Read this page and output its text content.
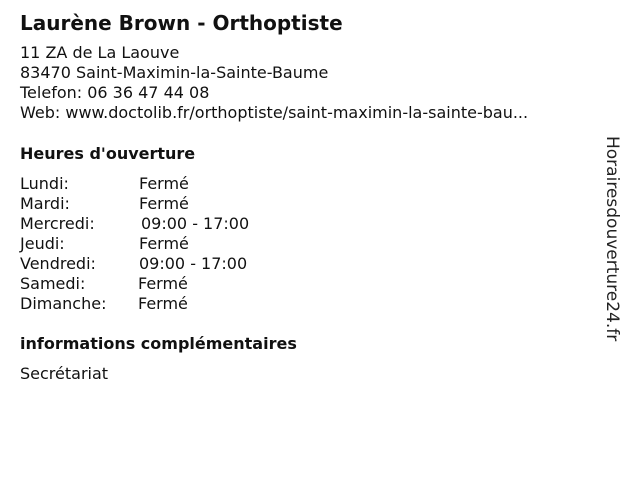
Laurène Brown - Orthoptiste
11 ZA de La Laouve
83470 Saint-Maximin-la-Sainte-Baume
Telefon: 06 36 47 44 08
Web: www.doctolib.fr/orthoptiste/saint-maximin-la-sainte-bau...
Heures d'ouverture
Lundi:	Fermé
Mardi:	Fermé
Mercredi:	09:00 - 17:00
Jeudi:	Fermé
Vendredi:	09:00 - 17:00
Samedi:	Fermé
Dimanche: Fermé
informations complémentaires
Secrétariat
Horairesdouverture24.fr
